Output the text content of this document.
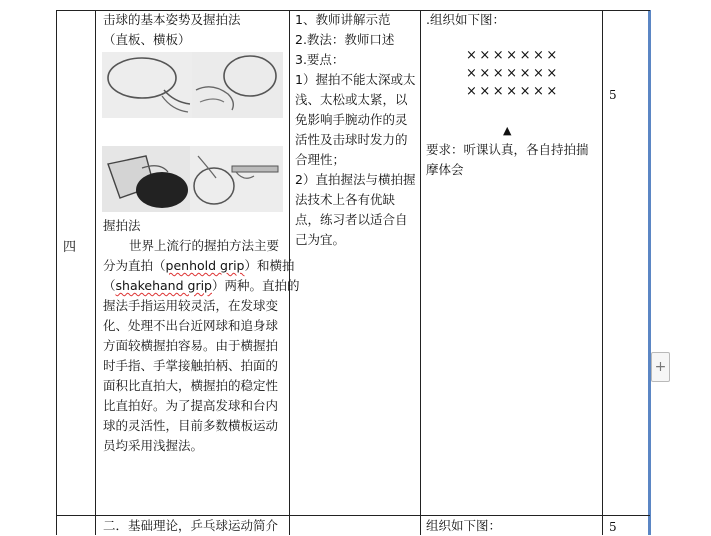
四
击球的基本姿势及握拍法
（直板、横板）
握拍法
世界上流行的握拍方法主要
分为直拍（penhold grip）和横拍
（shakehand grip）两种。直拍的
握法手指运用较灵活，在发球变
化、处理不出台近网球和追身球
方面较横握拍容易。由于横握拍
时手指、手掌接触拍柄、拍面的
面积比直拍大，横握拍的稳定性
比直拍好。为了提高发球和台内
球的灵活性，目前多数横板运动
员均采用浅握法。
1、教师讲解示范
2.教法：教师口述
3.要点：
1）握拍不能太深或太
浅、太松或太紧，以
免影响手腕动作的灵
活性及击球时发力的
合理性；
2）直拍握法与横拍握
法技术上各有优缺
点，练习者以适合自
己为宜。
.组织如下图：
×××××××
×××××××
×××××××
▲
要求：听课认真，各自持拍揣
摩体会
5
二．基础理论，乒乓球运动简介	组织如下图：	5
+
